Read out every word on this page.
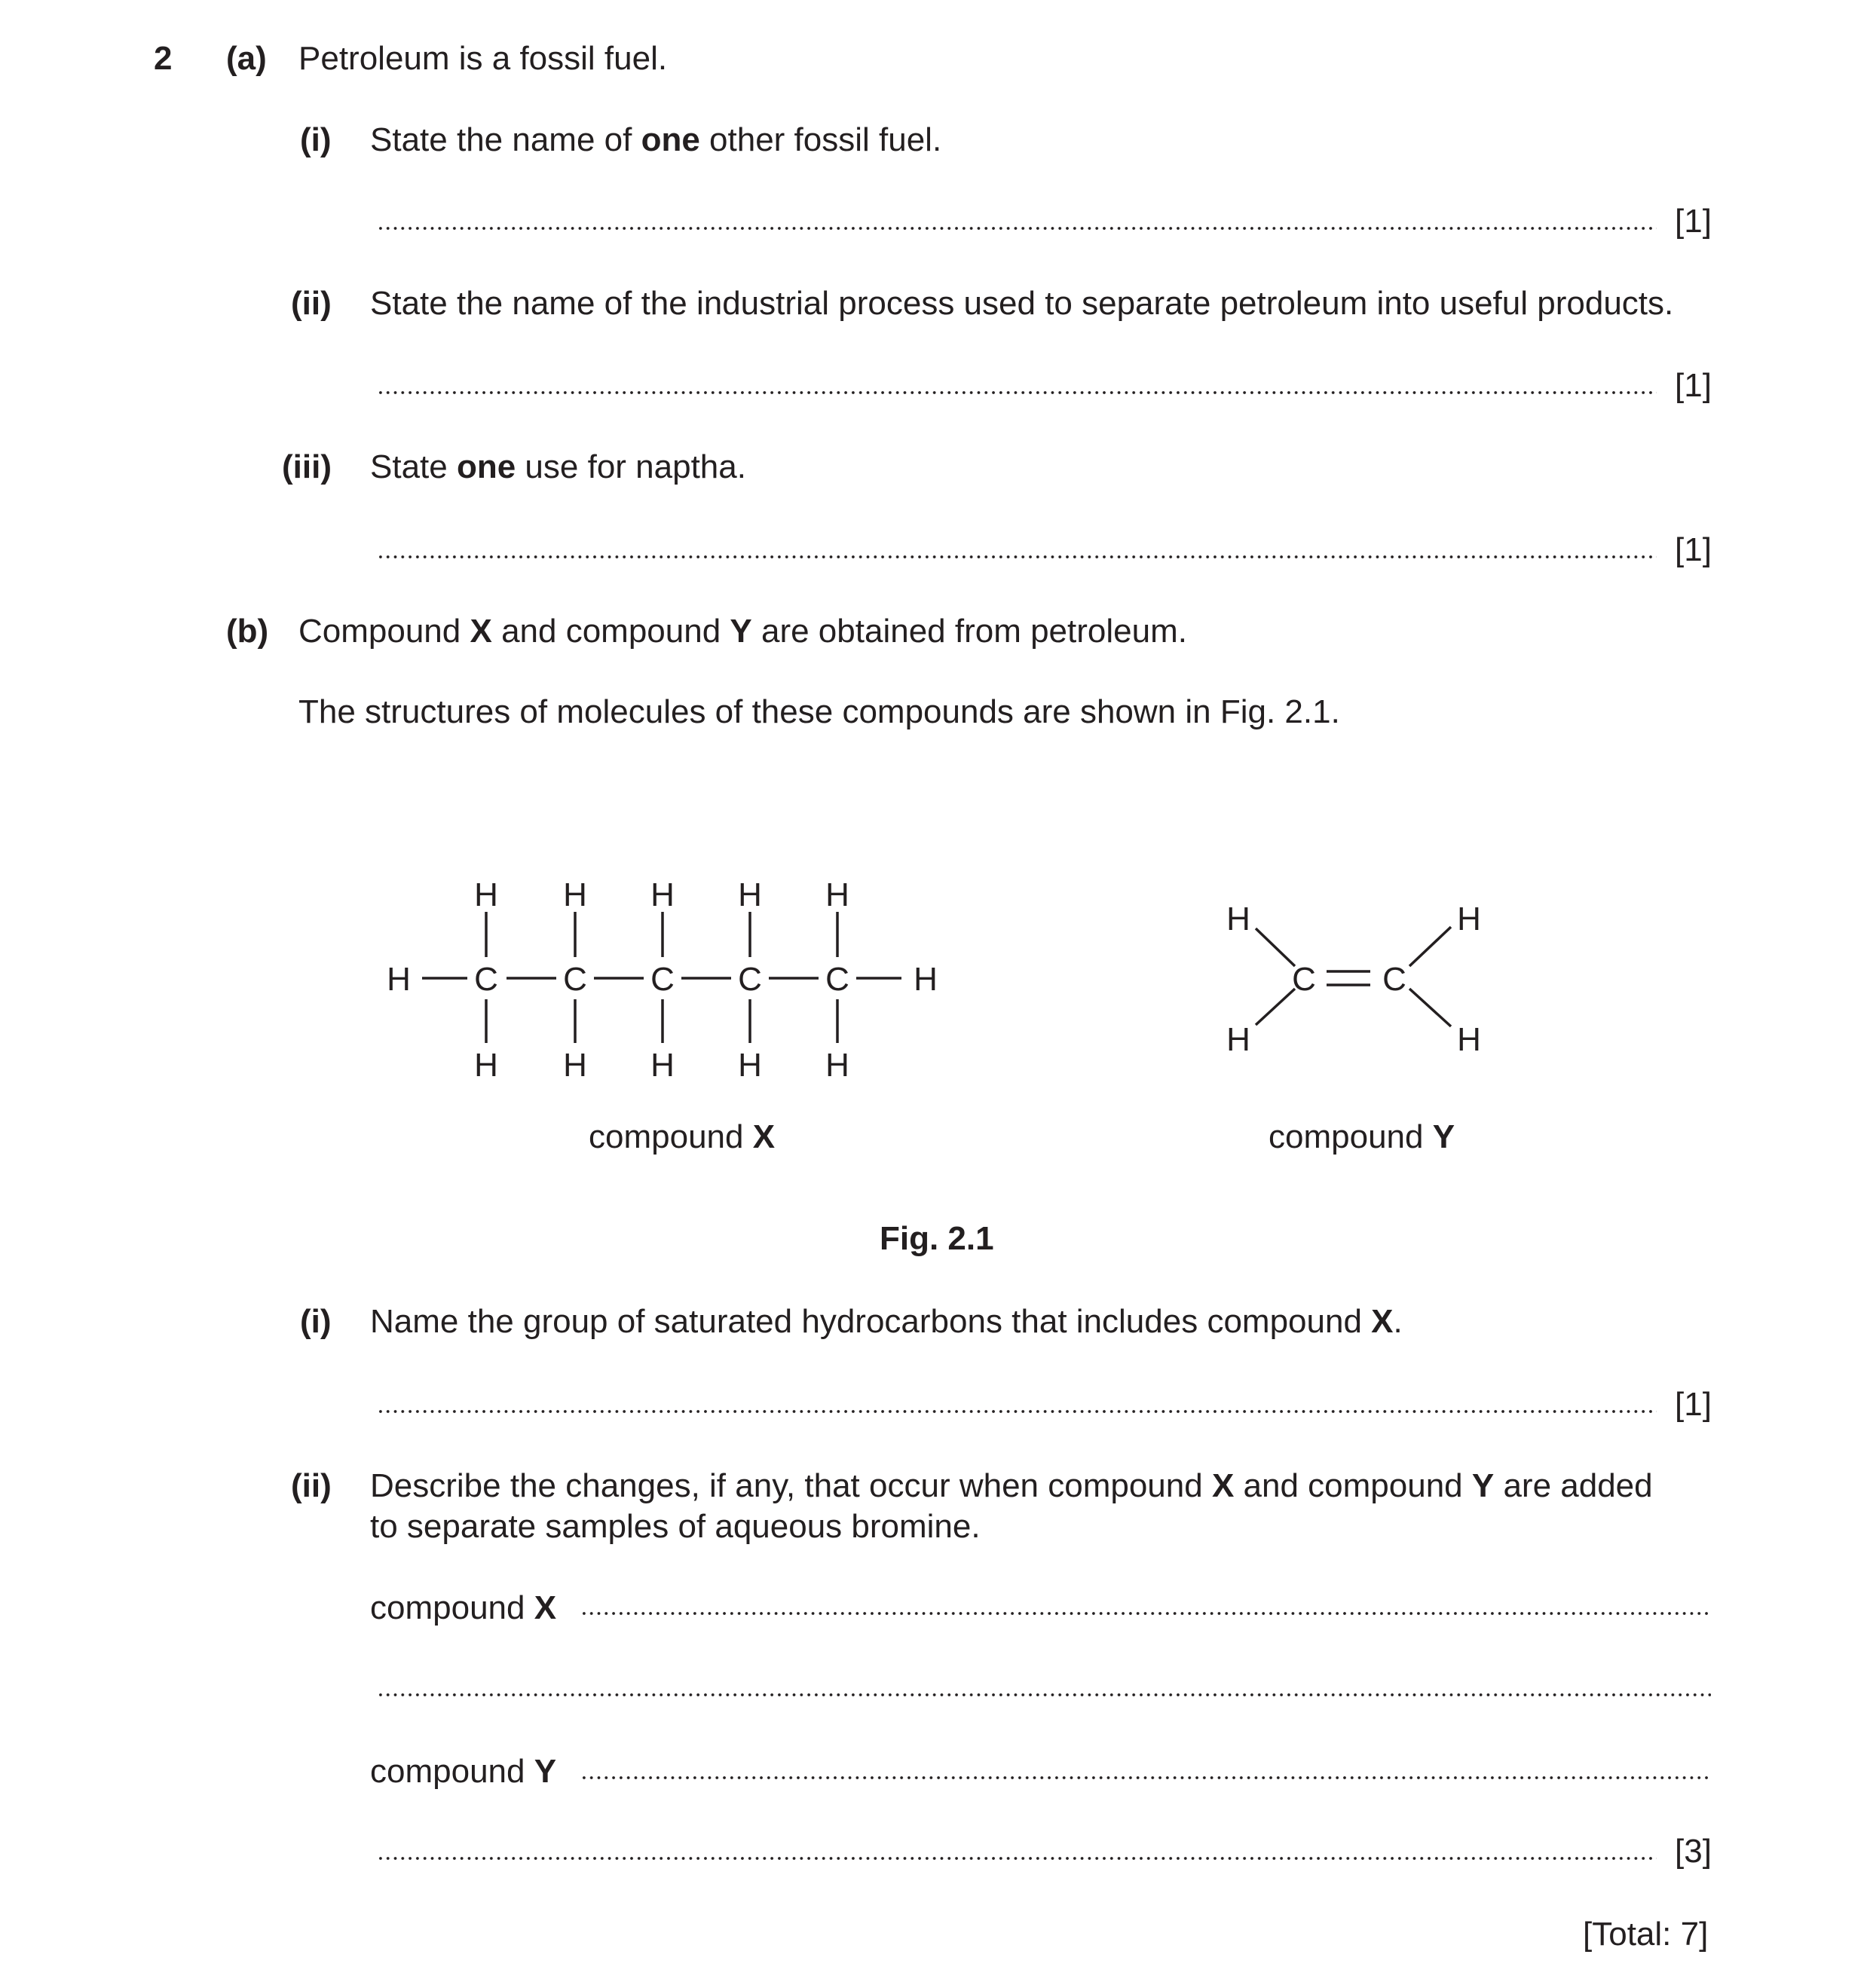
2 (a) Petroleum is a fossil fuel.
(i) State the name of one other fossil fuel.
[1]
(ii) State the name of the industrial process used to separate petroleum into useful products.
[1]
(iii) State one use for naptha.
[1]
(b) Compound X and compound Y are obtained from petroleum.
The structures of molecules of these compounds are shown in Fig. 2.1.
H C C C C C H
H H H H H
H H H H H
H
H
C C
H
H
compound X	compound Y
Fig. 2.1
(i) Name the group of saturated hydrocarbons that includes compound X.
[1]
(ii) Describe the changes, if any, that occur when compound X and compound Y are added
to separate samples of aqueous bromine.
compound X
compound Y
[3]
[Total: 7]
